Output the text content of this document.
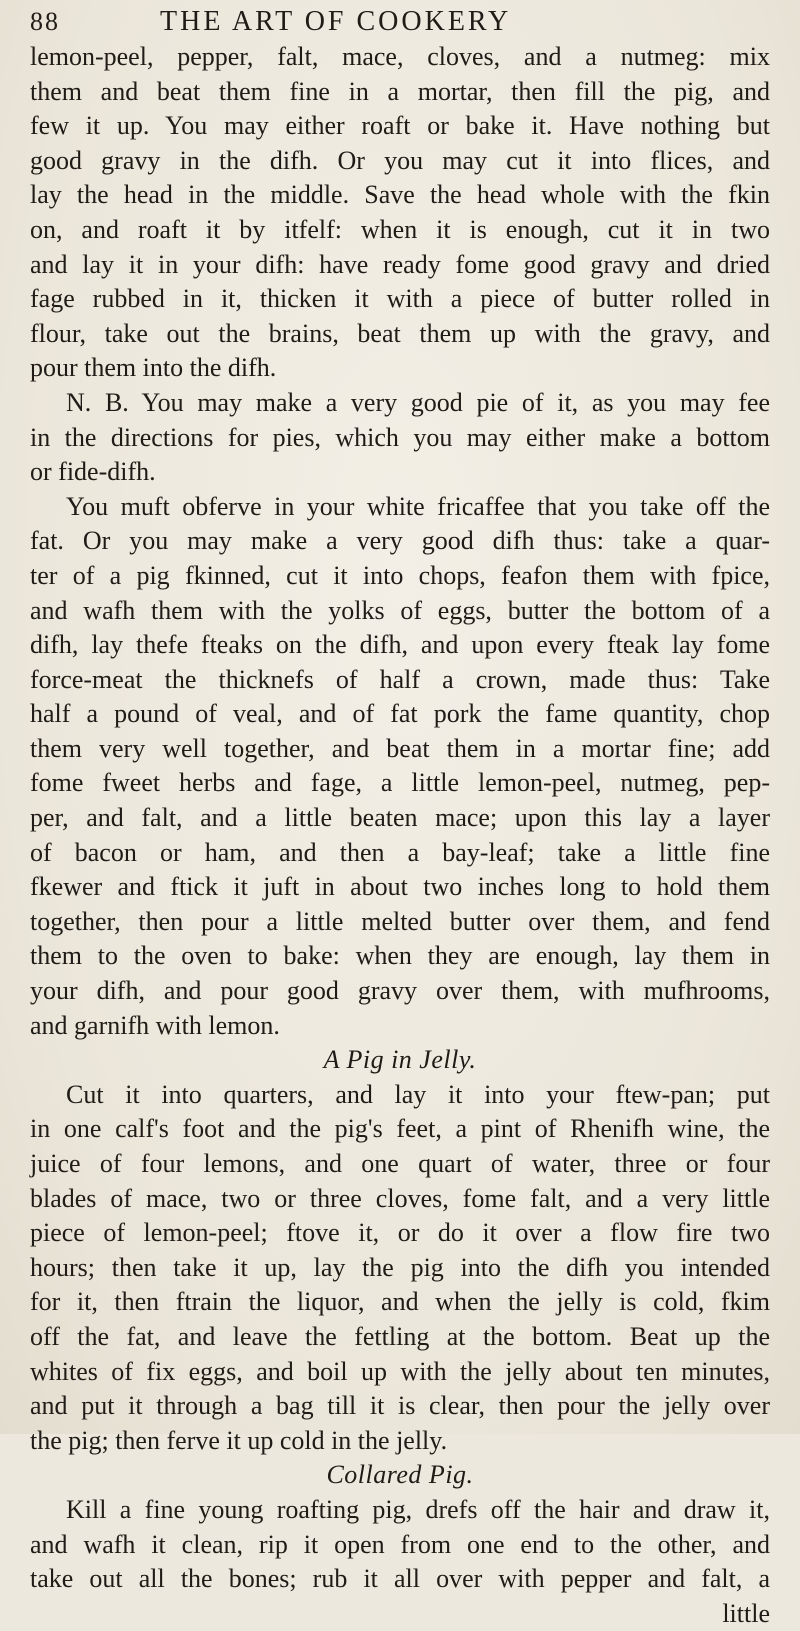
88	THE ART OF COOKERY
lemon-peel, pepper, falt, mace, cloves, and a nutmeg: mix
them and beat them fine in a mortar, then fill the pig, and
few it up. You may either roaft or bake it. Have nothing but
good gravy in the difh. Or you may cut it into flices, and
lay the head in the middle. Save the head whole with the fkin
on, and roaft it by itfelf: when it is enough, cut it in two
and lay it in your difh: have ready fome good gravy and dried
fage rubbed in it, thicken it with a piece of butter rolled in
flour, take out the brains, beat them up with the gravy, and
pour them into the difh.
N. B. You may make a very good pie of it, as you may fee
in the directions for pies, which you may either make a bottom
or fide-difh.
You muft obferve in your white fricaffee that you take off the
fat. Or you may make a very good difh thus: take a quar-
ter of a pig fkinned, cut it into chops, feafon them with fpice,
and wafh them with the yolks of eggs, butter the bottom of a
difh, lay thefe fteaks on the difh, and upon every fteak lay fome
force-meat the thicknefs of half a crown, made thus: Take
half a pound of veal, and of fat pork the fame quantity, chop
them very well together, and beat them in a mortar fine; add
fome fweet herbs and fage, a little lemon-peel, nutmeg, pep-
per, and falt, and a little beaten mace; upon this lay a layer
of bacon or ham, and then a bay-leaf; take a little fine
fkewer and ftick it juft in about two inches long to hold them
together, then pour a little melted butter over them, and fend
them to the oven to bake: when they are enough, lay them in
your difh, and pour good gravy over them, with mufhrooms,
and garnifh with lemon.
A Pig in Jelly.
Cut it into quarters, and lay it into your ftew-pan; put
in one calf's foot and the pig's feet, a pint of Rhenifh wine, the
juice of four lemons, and one quart of water, three or four
blades of mace, two or three cloves, fome falt, and a very little
piece of lemon-peel; ftove it, or do it over a flow fire two
hours; then take it up, lay the pig into the difh you intended
for it, then ftrain the liquor, and when the jelly is cold, fkim
off the fat, and leave the fettling at the bottom. Beat up the
whites of fix eggs, and boil up with the jelly about ten minutes,
and put it through a bag till it is clear, then pour the jelly over
the pig; then ferve it up cold in the jelly.
Collared Pig.
Kill a fine young roafting pig, drefs off the hair and draw it,
and wafh it clean, rip it open from one end to the other, and
take out all the bones; rub it all over with pepper and falt, a
little
